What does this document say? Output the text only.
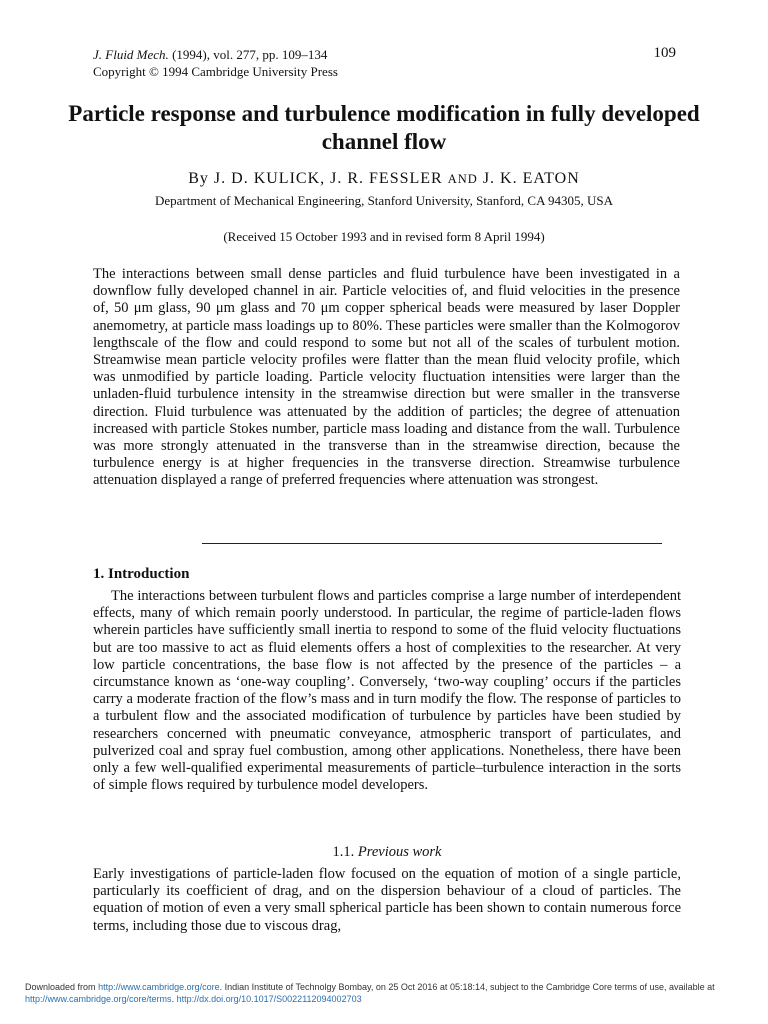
J. Fluid Mech. (1994), vol. 277, pp. 109–134
Copyright © 1994 Cambridge University Press
109
Particle response and turbulence modification in fully developed channel flow
By J. D. KULICK, J. R. FESSLER AND J. K. EATON
Department of Mechanical Engineering, Stanford University, Stanford, CA 94305, USA
(Received 15 October 1993 and in revised form 8 April 1994)
The interactions between small dense particles and fluid turbulence have been investigated in a downflow fully developed channel in air. Particle velocities of, and fluid velocities in the presence of, 50 μm glass, 90 μm glass and 70 μm copper spherical beads were measured by laser Doppler anemometry, at particle mass loadings up to 80%. These particles were smaller than the Kolmogorov lengthscale of the flow and could respond to some but not all of the scales of turbulent motion. Streamwise mean particle velocity profiles were flatter than the mean fluid velocity profile, which was unmodified by particle loading. Particle velocity fluctuation intensities were larger than the unladen-fluid turbulence intensity in the streamwise direction but were smaller in the transverse direction. Fluid turbulence was attenuated by the addition of particles; the degree of attenuation increased with particle Stokes number, particle mass loading and distance from the wall. Turbulence was more strongly attenuated in the transverse than in the streamwise direction, because the turbulence energy is at higher frequencies in the transverse direction. Streamwise turbulence attenuation displayed a range of preferred frequencies where attenuation was strongest.
1. Introduction
The interactions between turbulent flows and particles comprise a large number of interdependent effects, many of which remain poorly understood. In particular, the regime of particle-laden flows wherein particles have sufficiently small inertia to respond to some of the fluid velocity fluctuations but are too massive to act as fluid elements offers a host of complexities to the researcher. At very low particle concentrations, the base flow is not affected by the presence of the particles – a circumstance known as ‘one-way coupling’. Conversely, ‘two-way coupling’ occurs if the particles carry a moderate fraction of the flow’s mass and in turn modify the flow. The response of particles to a turbulent flow and the associated modification of turbulence by particles have been studied by researchers concerned with pneumatic conveyance, atmospheric transport of particulates, and pulverized coal and spray fuel combustion, among other applications. Nonetheless, there have been only a few well-qualified experimental measurements of particle–turbulence interaction in the sorts of simple flows required by turbulence model developers.
1.1. Previous work
Early investigations of particle-laden flow focused on the equation of motion of a single particle, particularly its coefficient of drag, and on the dispersion behaviour of a cloud of particles. The equation of motion of even a very small spherical particle has been shown to contain numerous force terms, including those due to viscous drag,
Downloaded from http://www.cambridge.org/core. Indian Institute of Technolgy Bombay, on 25 Oct 2016 at 05:18:14, subject to the Cambridge Core terms of use, available at http://www.cambridge.org/core/terms. http://dx.doi.org/10.1017/S0022112094002703
